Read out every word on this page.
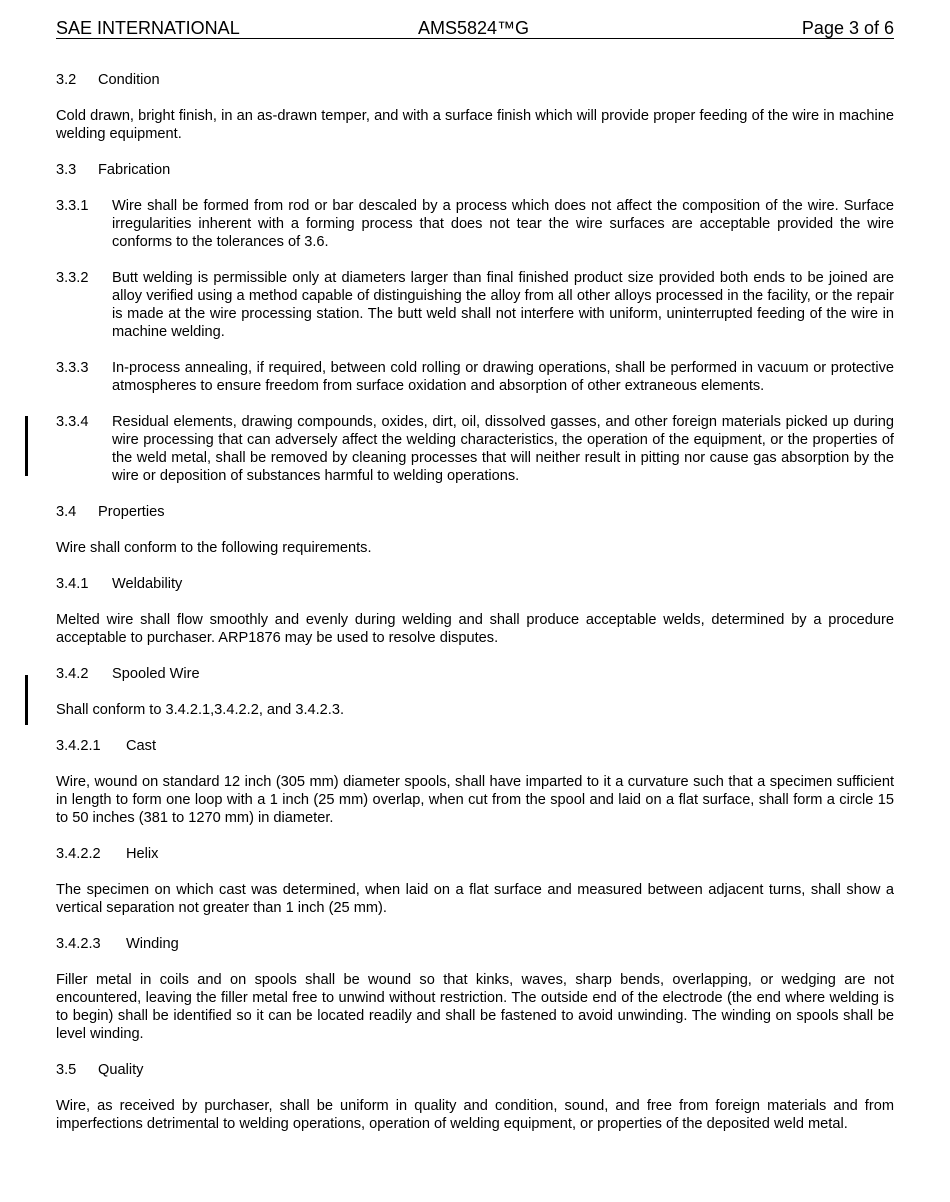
SAE INTERNATIONAL	AMS5824™G	Page 3 of 6
3.2 Condition

Cold drawn, bright finish, in an as-drawn temper, and with a surface finish which will provide proper feeding of the wire in machine welding equipment.

3.3 Fabrication
3.3.1 Wire shall be formed from rod or bar descaled by a process which does not affect the composition of the wire. Surface irregularities inherent with a forming process that does not tear the wire surfaces are acceptable provided the wire conforms to the tolerances of 3.6.
3.3.2 Butt welding is permissible only at diameters larger than final finished product size provided both ends to be joined are alloy verified using a method capable of distinguishing the alloy from all other alloys processed in the facility, or the repair is made at the wire processing station. The butt weld shall not interfere with uniform, uninterrupted feeding of the wire in machine welding.
3.3.3 In-process annealing, if required, between cold rolling or drawing operations, shall be performed in vacuum or protective atmospheres to ensure freedom from surface oxidation and absorption of other extraneous elements.
3.3.4 Residual elements, drawing compounds, oxides, dirt, oil, dissolved gasses, and other foreign materials picked up during wire processing that can adversely affect the welding characteristics, the operation of the equipment, or the properties of the weld metal, shall be removed by cleaning processes that will neither result in pitting nor cause gas absorption by the wire or deposition of substances harmful to welding operations.
3.4 Properties

Wire shall conform to the following requirements.

3.4.1 Weldability

Melted wire shall flow smoothly and evenly during welding and shall produce acceptable welds, determined by a procedure acceptable to purchaser. ARP1876 may be used to resolve disputes.

3.4.2 Spooled Wire

Shall conform to 3.4.2.1,3.4.2.2, and 3.4.2.3.

3.4.2.1 Cast

Wire, wound on standard 12 inch (305 mm) diameter spools, shall have imparted to it a curvature such that a specimen sufficient in length to form one loop with a 1 inch (25 mm) overlap, when cut from the spool and laid on a flat surface, shall form a circle 15 to 50 inches (381 to 1270 mm) in diameter.

3.4.2.2 Helix

The specimen on which cast was determined, when laid on a flat surface and measured between adjacent turns, shall show a vertical separation not greater than 1 inch (25 mm).

3.4.2.3 Winding

Filler metal in coils and on spools shall be wound so that kinks, waves, sharp bends, overlapping, or wedging are not encountered, leaving the filler metal free to unwind without restriction. The outside end of the electrode (the end where welding is to begin) shall be identified so it can be located readily and shall be fastened to avoid unwinding. The winding on spools shall be level winding.

3.5 Quality

Wire, as received by purchaser, shall be uniform in quality and condition, sound, and free from foreign materials and from imperfections detrimental to welding operations, operation of welding equipment, or properties of the deposited weld metal.
